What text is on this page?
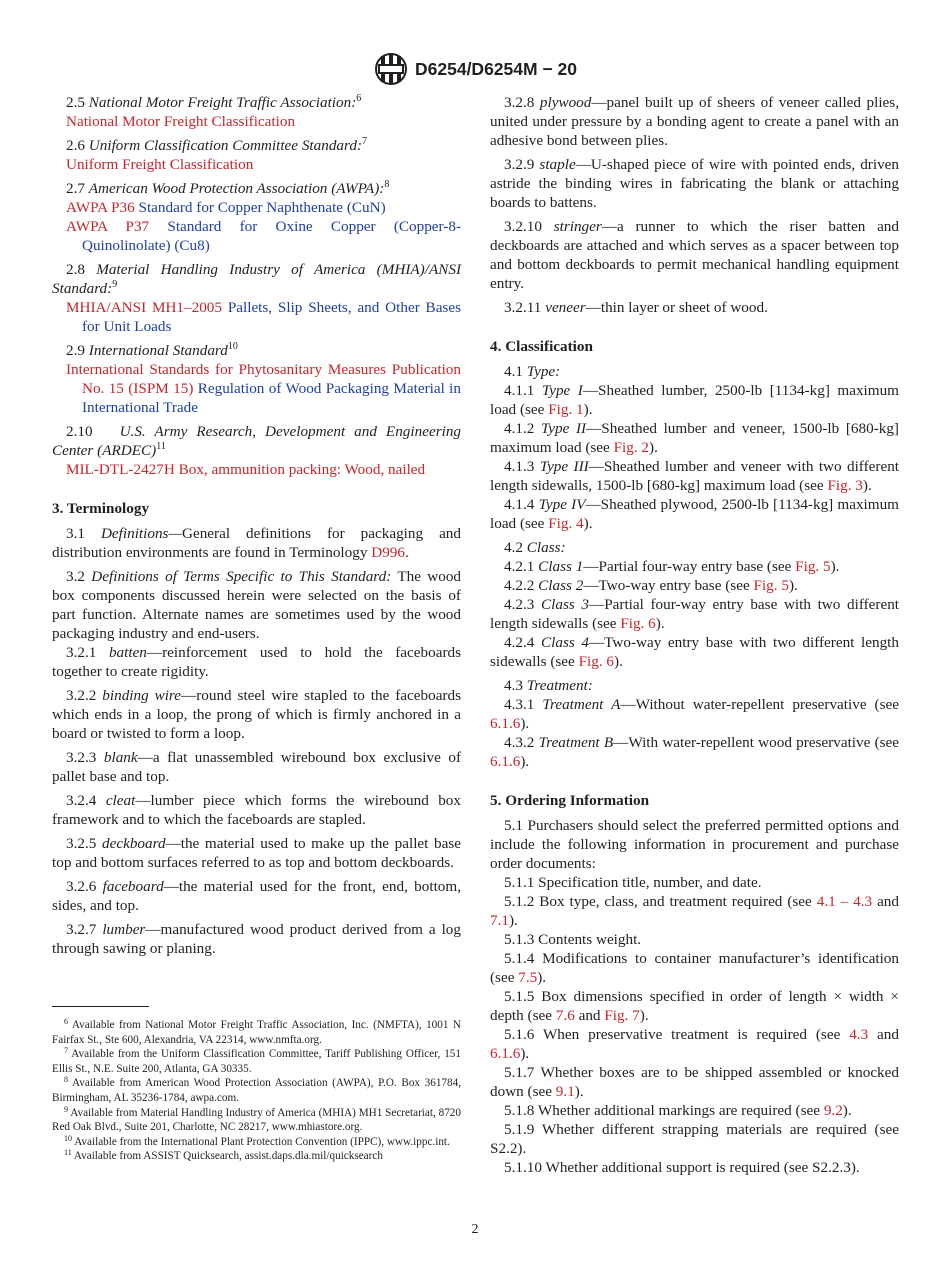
D6254/D6254M − 20

2.5 National Motor Freight Traffic Association:$^6$

National Motor Freight Classification

2.6 Uniform Classification Committee Standard:$^7$

Uniform Freight Classification

2.7 American Wood Protection Association (AWPA):$^8$

AWPA P36 Standard for Copper Naphthenate (CuN)

AWPA P37 Standard for Oxine Copper (Copper-8-Quinolinolate) (Cu8)

2.8 Material Handling Industry of America (MHIA)/ANSI Standard:$^9$

MHIA/ANSI MH1–2005 Pallets, Slip Sheets, and Other Bases for Unit Loads

2.9 International Standard$^{10}$

International Standards for Phytosanitary Measures Publication No. 15 (ISPM 15) Regulation of Wood Packaging Material in International Trade

2.10 U.S. Army Research, Development and Engineering Center (ARDEC)$^{11}$

MIL-DTL-2427H Box, ammunition packing: Wood, nailed

3. Terminology

3.1 Definitions—General definitions for packaging and distribution environments are found in Terminology D996.

3.2 Definitions of Terms Specific to This Standard: The wood box components discussed herein were selected on the basis of part function. Alternate names are sometimes used by the wood packaging industry and end-users.

3.2.1 batten—reinforcement used to hold the faceboards together to create rigidity.

3.2.2 binding wire—round steel wire stapled to the faceboards which ends in a loop, the prong of which is firmly anchored in a board or twisted to form a loop.

3.2.3 blank—a flat unassembled wirebound box exclusive of pallet base and top.

3.2.4 cleat—lumber piece which forms the wirebound box framework and to which the faceboards are stapled.

3.2.5 deckboard—the material used to make up the pallet base top and bottom surfaces referred to as top and bottom deckboards.

3.2.6 faceboard—the material used for the front, end, bottom, sides, and top.

3.2.7 lumber—manufactured wood product derived from a log through sawing or planing.

$^6$ Available from National Motor Freight Traffic Association, Inc. (NMFTA), 1001 N Fairfax St., Ste 600, Alexandria, VA 22314, www.nmfta.org.

$^7$ Available from the Uniform Classification Committee, Tariff Publishing Officer, 151 Ellis St., N.E. Suite 200, Atlanta, GA 30335.

$^8$ Available from American Wood Protection Association (AWPA), P.O. Box 361784, Birmingham, AL 35236-1784, awpa.com.

$^9$ Available from Material Handling Industry of America (MHIA) MH1 Secretariat, 8720 Red Oak Blvd., Suite 201, Charlotte, NC 28217, www.mhiastore.org.

$^{10}$ Available from the International Plant Protection Convention (IPPC), www.ippc.int.

$^{11}$ Available from ASSIST Quicksearch, assist.daps.dla.mil/quicksearch

3.2.8 plywood—panel built up of sheers of veneer called plies, united under pressure by a bonding agent to create a panel with an adhesive bond between plies.

3.2.9 staple—U-shaped piece of wire with pointed ends, driven astride the binding wires in fabricating the blank or attaching boards to battens.

3.2.10 stringer—a runner to which the riser batten and deckboards are attached and which serves as a spacer between top and bottom deckboards to permit mechanical handling equipment entry.

3.2.11 veneer—thin layer or sheet of wood.

4. Classification

4.1 Type:

4.1.1 Type I—Sheathed lumber, 2500-lb [1134-kg] maximum load (see Fig. 1).

4.1.2 Type II—Sheathed lumber and veneer, 1500-lb [680-kg] maximum load (see Fig. 2).

4.1.3 Type III—Sheathed lumber and veneer with two different length sidewalls, 1500-lb [680-kg] maximum load (see Fig. 3).

4.1.4 Type IV—Sheathed plywood, 2500-lb [1134-kg] maximum load (see Fig. 4).

4.2 Class:

4.2.1 Class 1—Partial four-way entry base (see Fig. 5).

4.2.2 Class 2—Two-way entry base (see Fig. 5).

4.2.3 Class 3—Partial four-way entry base with two different length sidewalls (see Fig. 6).

4.2.4 Class 4—Two-way entry base with two different length sidewalls (see Fig. 6).

4.3 Treatment:

4.3.1 Treatment A—Without water-repellent preservative (see 6.1.6).

4.3.2 Treatment B—With water-repellent wood preservative (see 6.1.6).

5. Ordering Information

5.1 Purchasers should select the preferred permitted options and include the following information in procurement and purchase order documents:

5.1.1 Specification title, number, and date.

5.1.2 Box type, class, and treatment required (see 4.1 – 4.3 and 7.1).

5.1.3 Contents weight.

5.1.4 Modifications to container manufacturer’s identification (see 7.5).

5.1.5 Box dimensions specified in order of length × width × depth (see 7.6 and Fig. 7).

5.1.6 When preservative treatment is required (see 4.3 and 6.1.6).

5.1.7 Whether boxes are to be shipped assembled or knocked down (see 9.1).

5.1.8 Whether additional markings are required (see 9.2).

5.1.9 Whether different strapping materials are required (see S2.2).

5.1.10 Whether additional support is required (see S2.2.3).

2
